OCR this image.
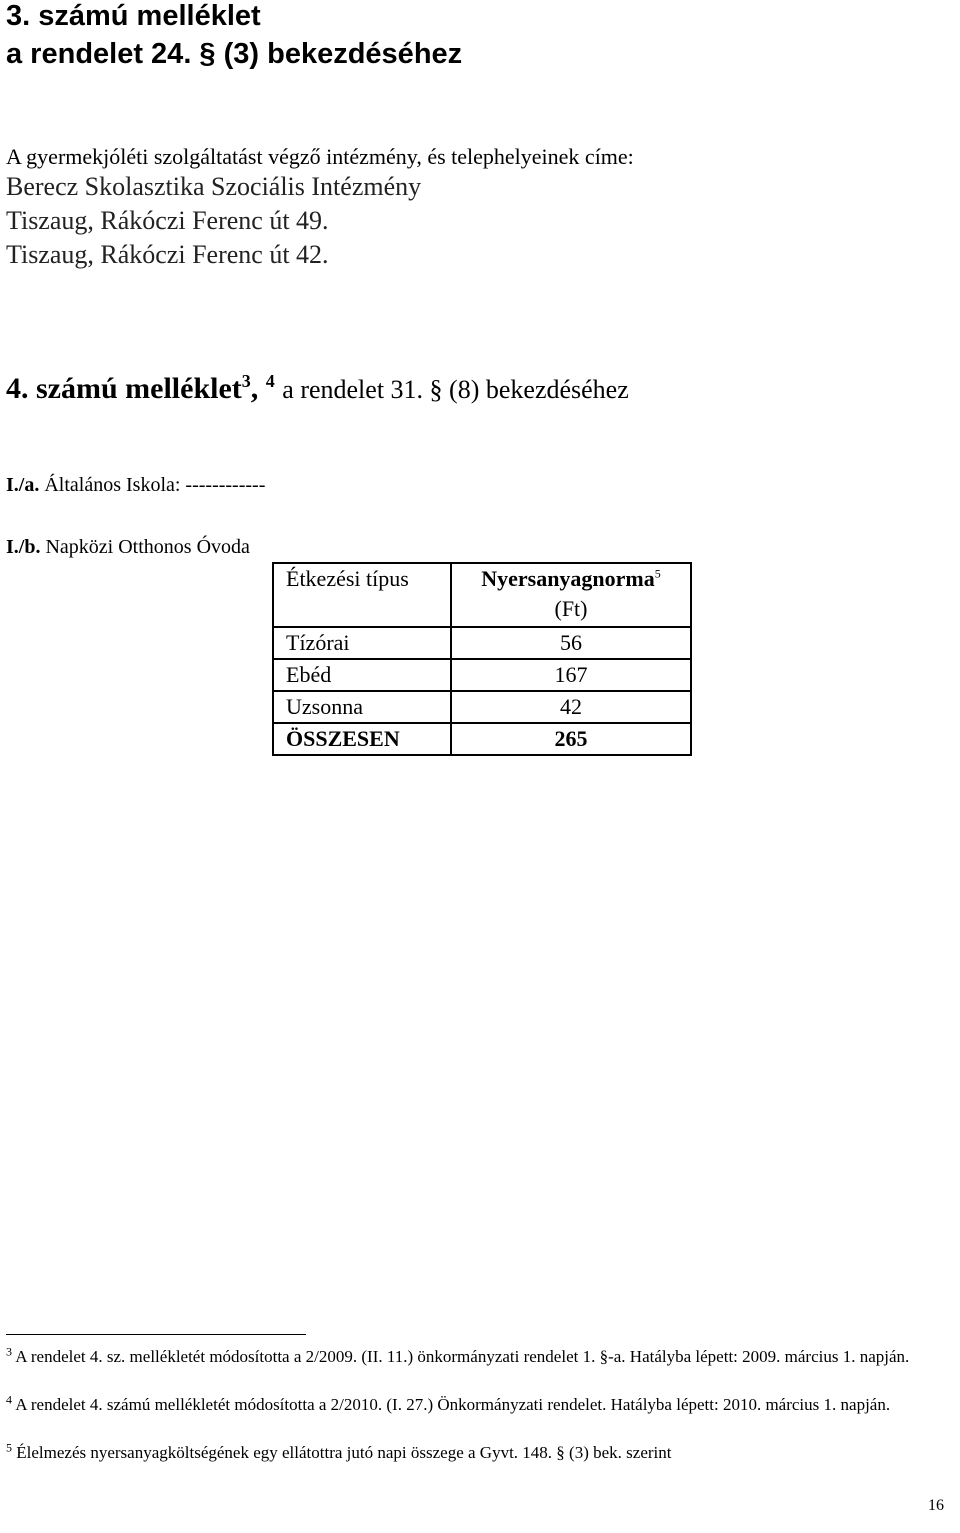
3. számú melléklet
a rendelet 24. § (3) bekezdéséhez
A gyermekjóléti szolgáltatást végző intézmény, és telephelyeinek címe:
Berecz Skolasztika Szociális Intézmény
Tiszaug, Rákóczi Ferenc út 49.
Tiszaug, Rákóczi Ferenc út 42.
4. számú melléklet$^3$, $^4$ a rendelet 31. § (8) bekezdéséhez
I./a. Általános Iskola: ------------
I./b. Napközi Otthonos Óvoda
Étkezési típus	Nyersanyagnorma$^5$
(Ft)
Tízórai	56
Ebéd	167
Uzsonna	42
ÖSSZESEN	265
$^3$ A rendelet 4. sz. mellékletét módosította a 2/2009. (II. 11.) önkormányzati rendelet 1. §-a. Hatályba lépett: 2009. március 1. napján.
$^4$ A rendelet 4. számú mellékletét módosította a 2/2010. (I. 27.) Önkormányzati rendelet. Hatályba lépett: 2010. március 1. napján.
$^5$ Élelmezés nyersanyagköltségének egy ellátottra jutó napi összege a Gyvt. 148. § (3) bek. szerint
16
